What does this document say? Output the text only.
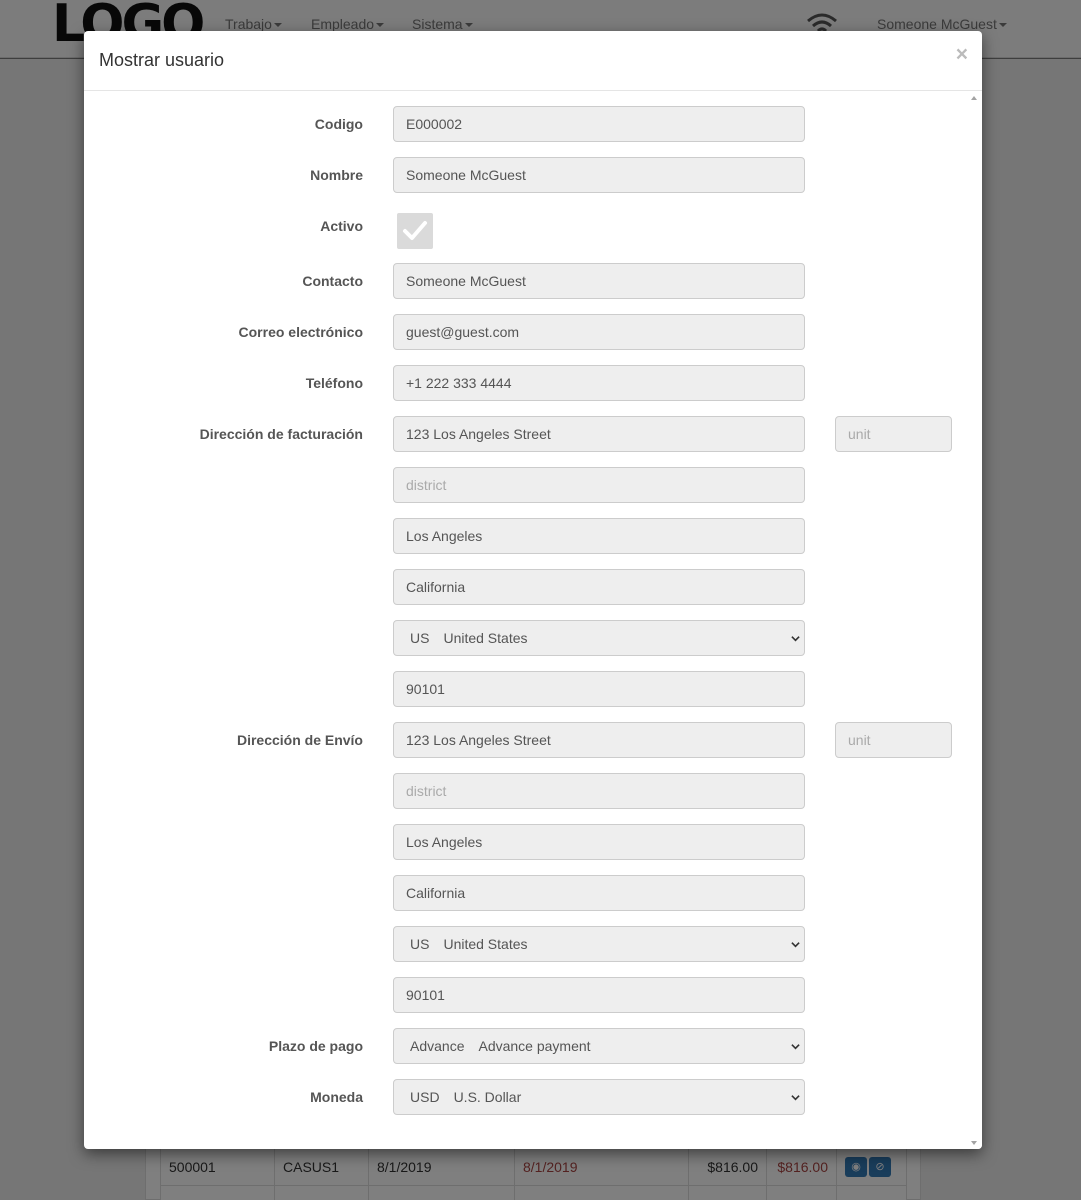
Mostrar usuario	×
Codigo	E000002
Nombre	Someone McGuest
Activo
Contacto	Someone McGuest
Correo electrónico	guest@guest.com
Teléfono	+1 222 333 4444
Dirección de facturación	123 Los Angeles Street	unit
district
Los Angeles
California
US United States
90101
Dirección de Envío	123 Los Angeles Street	unit
district
Los Angeles
California
US United States
90101
Plazo de pago	Advance Advance payment
Moneda	USD U.S. Dollar
